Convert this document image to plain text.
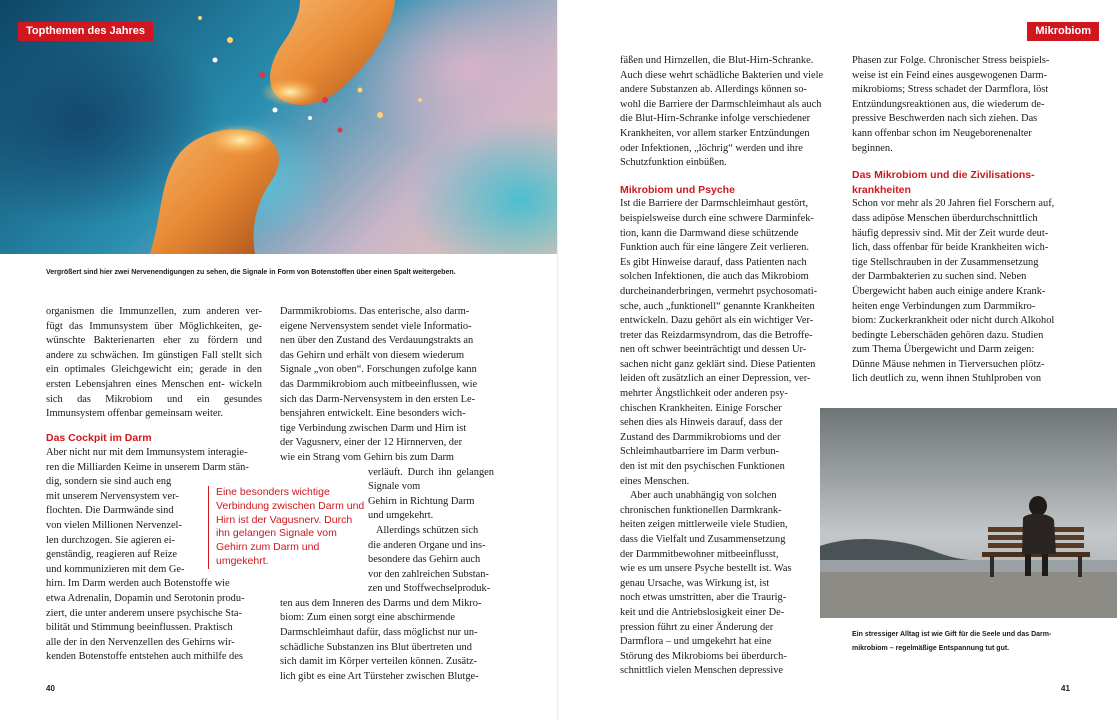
Topthemen des Jahres
Vergrößert sind hier zwei Nervenendigungen zu sehen, die Signale in Form von Botenstoffen über einen Spalt weitergeben.

organismen die Immunzellen, zum anderen ver- fügt das Immunsystem über Möglichkeiten, ge- wünschte Bakterienarten eher zu fördern und andere zu schwächen. Im günstigen Fall stellt sich ein optimales Gleichgewicht ein; gerade in den ersten Lebensjahren eines Menschen ent- wickeln sich das Mikrobiom und ein gesundes Immunsystem offenbar gemeinsam weiter.

Das Cockpit im Darm
Aber nicht nur mit dem Immunsystem interagie-
ren die Milliarden Keime in unserem Darm stän-
dig, sondern sie sind auch eng
mit unserem Nervensystem ver-
flochten. Die Darmwände sind
von vielen Millionen Nervenzel-
len durchzogen. Sie agieren ei-
genständig, reagieren auf Reize
und kommunizieren mit dem Ge-
hirn. Im Darm werden auch Botenstoffe wie
etwa Adrenalin, Dopamin und Serotonin produ-
ziert, die unter anderem unsere psychische Sta-
bilität und Stimmung beeinflussen. Praktisch
alle der in den Nervenzellen des Gehirns wir-
kenden Botenstoffe entstehen auch mithilfe des
Darmmikrobioms. Das enterische, also darm-
eigene Nervensystem sendet viele Informatio-
nen über den Zustand des Verdauungstrakts an
das Gehirn und erhält von diesem wiederum
Signale „von oben“. Forschungen zufolge kann
das Darmmikrobiom auch mitbeeinflussen, wie
sich das Darm-Nervensystem in den ersten Le-
bensjahren entwickelt. Eine besonders wich-
tige Verbindung zwischen Darm und Hirn ist
der Vagusnerv, einer der 12 Hirnnerven, der
wie ein Strang vom Gehirn bis zum Darm
verläuft. Durch ihn gelangen Signale vom
Gehirn in Richtung Darm
und umgekehrt.
Allerdings schützen sich
die anderen Organe und ins-
besondere das Gehirn auch
vor den zahlreichen Substan-
zen und Stoffwechselproduk-
ten aus dem Inneren des Darms und dem Mikro-
biom: Zum einen sorgt eine abschirmende
Darmschleimhaut dafür, dass möglichst nur un-
schädliche Substanzen ins Blut übertreten und
sich damit im Körper verteilen können. Zusätz-
lich gibt es eine Art Türsteher zwischen Blutge-
Eine besonders wichtige Verbindung zwischen Darm und Hirn ist der Vagusnerv. Durch ihn gelangen Signale vom Gehirn zum Darm und umgekehrt.
40
Mikrobiom
fäßen und Hirnzellen, die Blut-Hirn-Schranke.
Auch diese wehrt schädliche Bakterien und viele
andere Substanzen ab. Allerdings können so-
wohl die Barriere der Darmschleimhaut als auch
die Blut-Hirn-Schranke infolge verschiedener
Krankheiten, vor allem starker Entzündungen
oder Infektionen, „löchrig“ werden und ihre
Schutzfunktion einbüßen.
Mikrobiom und Psyche
Ist die Barriere der Darmschleimhaut gestört,
beispielsweise durch eine schwere Darminfek-
tion, kann die Darmwand diese schützende
Funktion auch für eine längere Zeit verlieren.
Es gibt Hinweise darauf, dass Patienten nach
solchen Infektionen, die auch das Mikrobiom
durcheinanderbringen, vermehrt psychosomati-
sche, auch „funktionell“ genannte Krankheiten
entwickeln. Dazu gehört als ein wichtiger Ver-
treter das Reizdarmsyndrom, das die Betroffe-
nen oft schwer beeinträchtigt und dessen Ur-
sachen nicht ganz geklärt sind. Diese Patienten
leiden oft zusätzlich an einer Depression, ver-
mehrter Ängstlichkeit oder anderen psy-
chischen Krankheiten. Einige Forscher
sehen dies als Hinweis darauf, dass der
Zustand des Darmmikrobioms und der
Schleimhautbarriere im Darm verbun-
den ist mit den psychischen Funktionen
eines Menschen.
Aber auch unabhängig von solchen
chronischen funktionellen Darmkrank-
heiten zeigen mittlerweile viele Studien,
dass die Vielfalt und Zusammensetzung
der Darmmitbewohner mitbeeinflusst,
wie es um unsere Psyche bestellt ist. Was
genau Ursache, was Wirkung ist, ist
noch etwas umstritten, aber die Traurig-
keit und die Antriebslosigkeit einer De-
pression führt zu einer Änderung der
Darmflora – und umgekehrt hat eine
Störung des Mikrobioms bei überdurch-
schnittlich vielen Menschen depressive
Phasen zur Folge. Chronischer Stress beispiels-
weise ist ein Feind eines ausgewogenen Darm-
mikrobioms; Stress schadet der Darmflora, löst
Entzündungsreaktionen aus, die wiederum de-
pressive Beschwerden nach sich ziehen. Das
kann offenbar schon im Neugeborenenalter
beginnen.
Das Mikrobiom und die Zivilisations-
krankheiten
Schon vor mehr als 20 Jahren fiel Forschern auf,
dass adipöse Menschen überdurchschnittlich
häufig depressiv sind. Mit der Zeit wurde deut-
lich, dass offenbar für beide Krankheiten wich-
tige Stellschrauben in der Zusammensetzung
der Darmbakterien zu suchen sind. Neben
Übergewicht haben auch einige andere Krank-
heiten enge Verbindungen zum Darmmikro-
biom: Zuckerkrankheit oder nicht durch Alkohol
bedingte Leberschäden gehören dazu. Studien
zum Thema Übergewicht und Darm zeigen:
Dünne Mäuse nehmen in Tierversuchen plötz-
lich deutlich zu, wenn ihnen Stuhlproben von
Ein stressiger Alltag ist wie Gift für die Seele und das Darm-
mikrobiom – regelmäßige Entspannung tut gut.
41
